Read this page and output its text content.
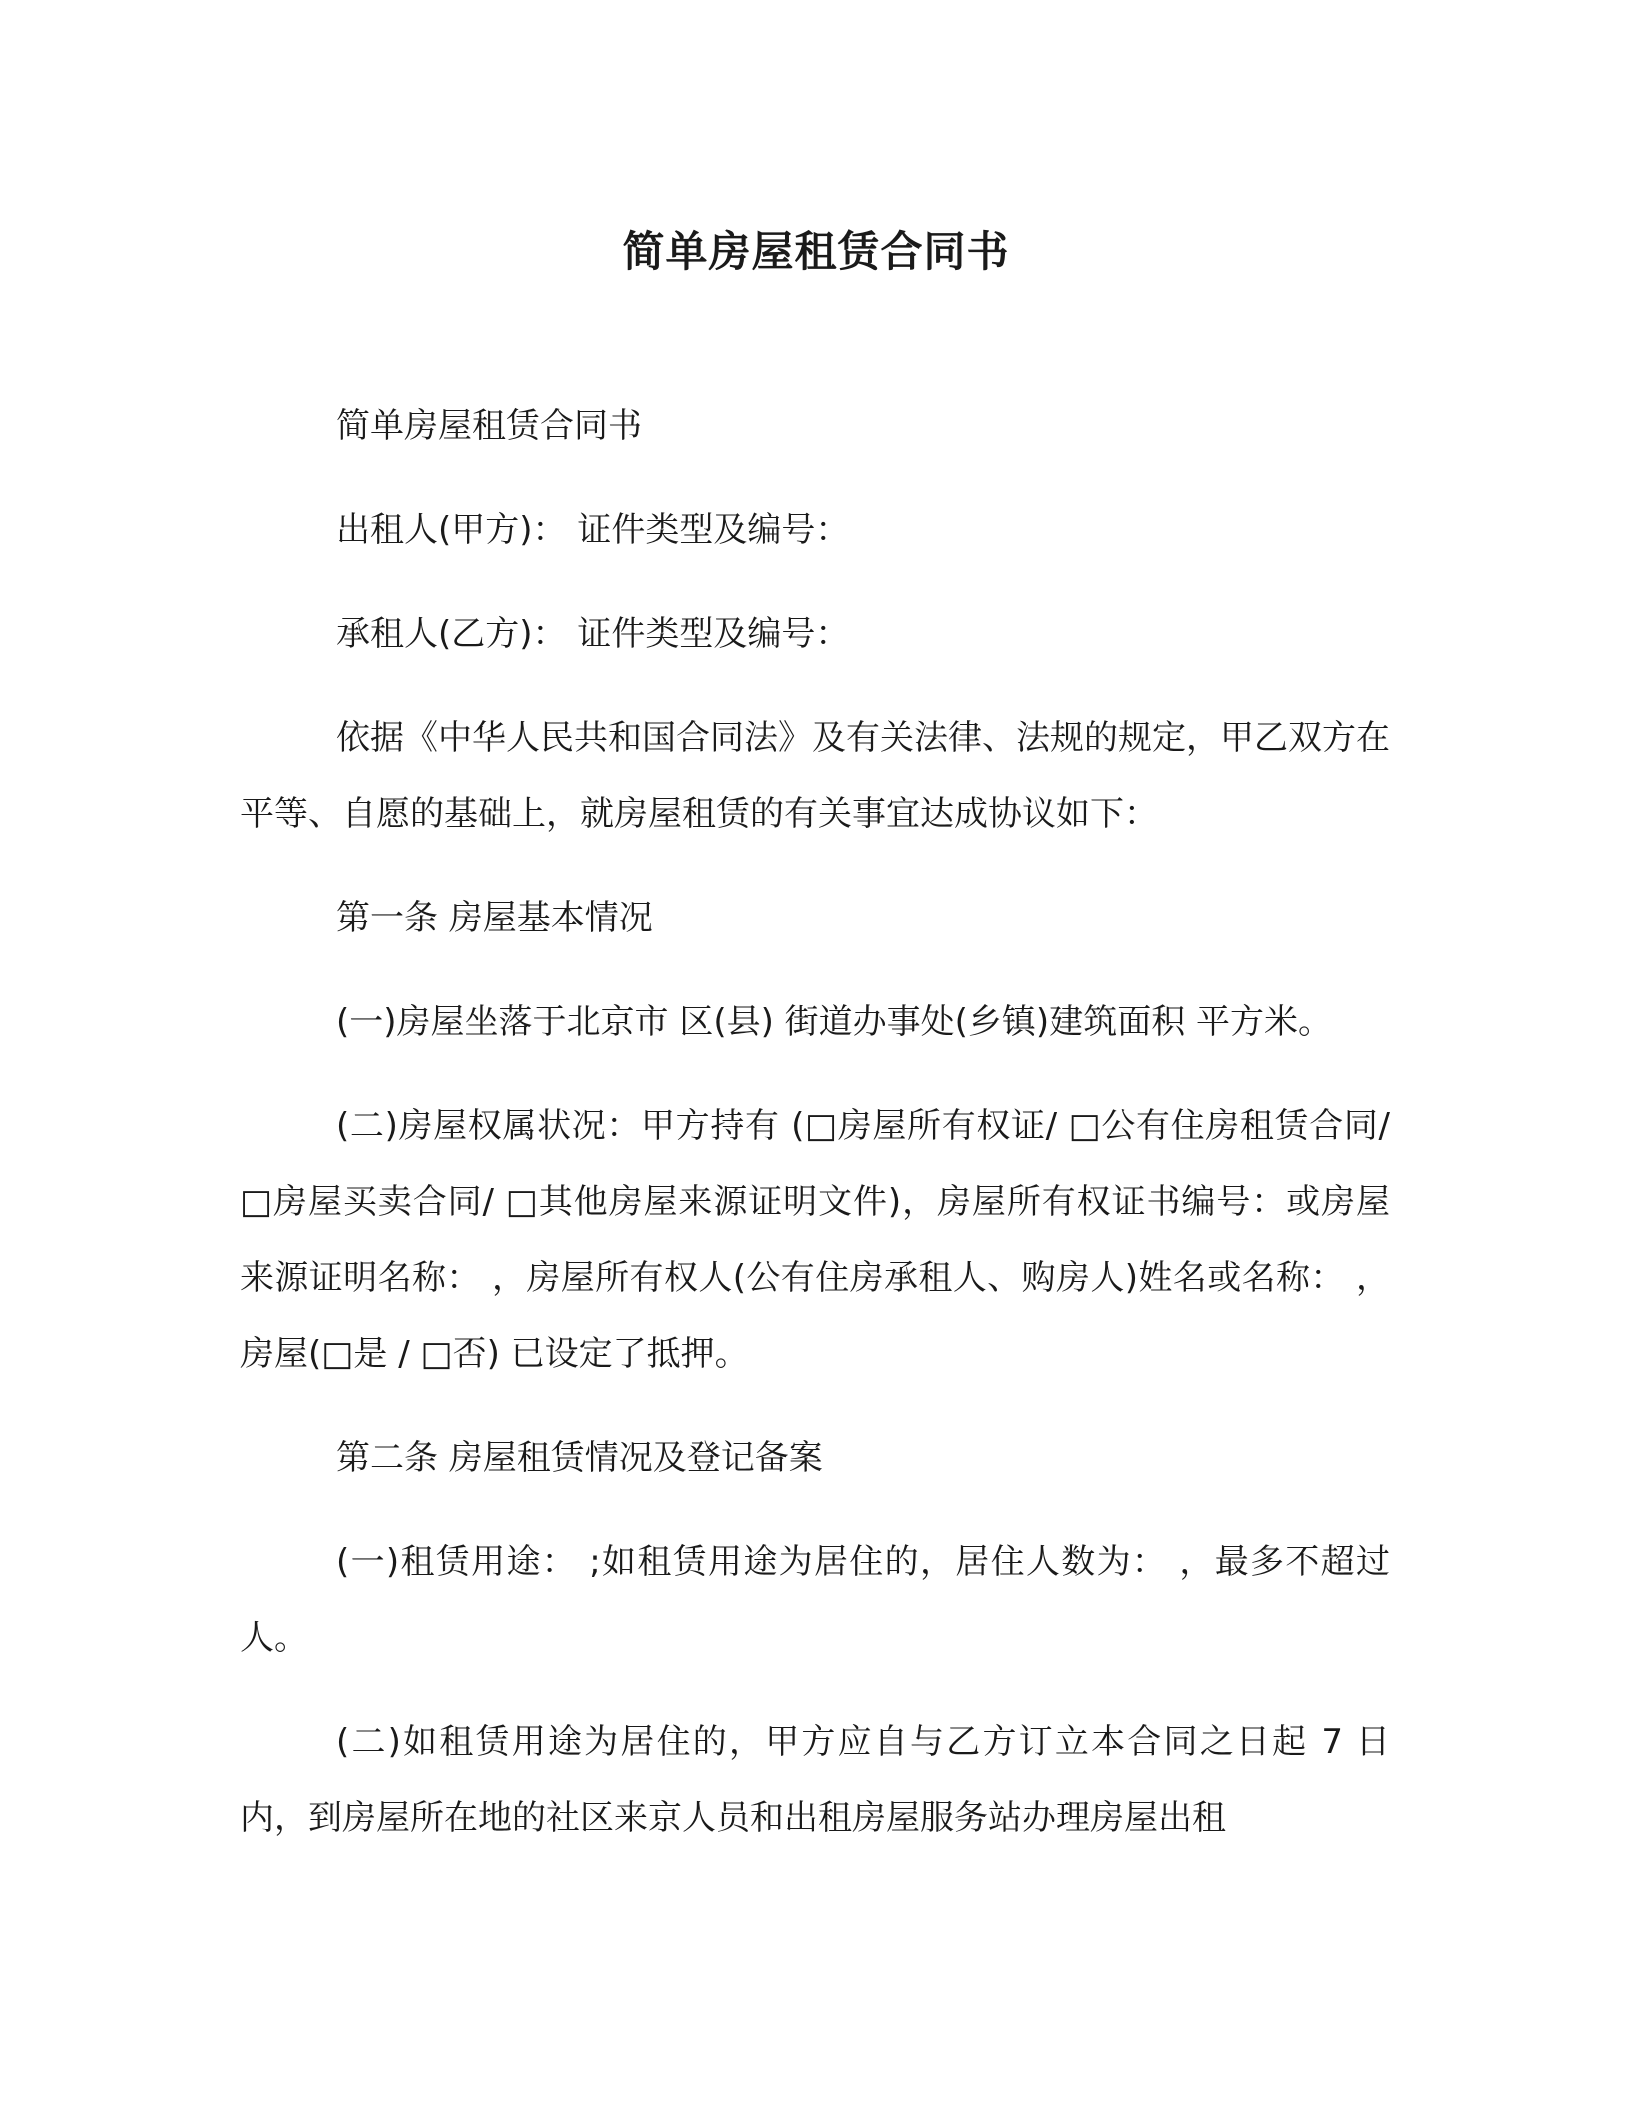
简单房屋租赁合同书

简单房屋租赁合同书

出租人(甲方)： 证件类型及编号：

承租人(乙方)： 证件类型及编号：

依据《中华人民共和国合同法》及有关法律、法规的规定，甲乙双方在平等、自愿的基础上，就房屋租赁的有关事宜达成协议如下：

第一条 房屋基本情况

(一)房屋坐落于北京市 区(县) 街道办事处(乡镇)建筑面积 平方米。

(二)房屋权属状况：甲方持有 (□房屋所有权证/ □公有住房租赁合同/ □房屋买卖合同/ □其他房屋来源证明文件)，房屋所有权证书编号：或房屋来源证明名称： ，房屋所有权人(公有住房承租人、购房人)姓名或名称： ，房屋(□是 / □否) 已设定了抵押。

第二条 房屋租赁情况及登记备案

(一)租赁用途： ;如租赁用途为居住的，居住人数为： ，最多不超过 人。

(二)如租赁用途为居住的，甲方应自与乙方订立本合同之日起 7 日内，到房屋所在地的社区来京人员和出租房屋服务站办理房屋出租
